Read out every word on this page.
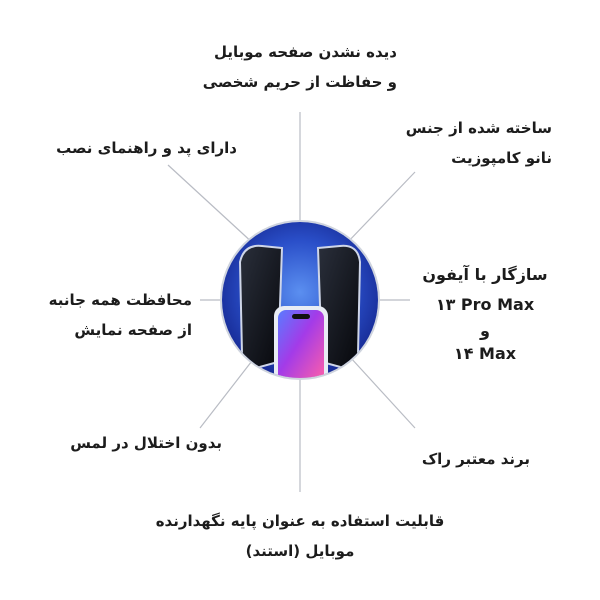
دیده نشدن صفحه موبایل
و حفاظت از حریم شخصی
دارای پد و راهنمای نصب
ساخته شده از جنس
نانو کامپوزیت
محافظت همه جانبه
از صفحه نمایش
سازگار با آیفون
۱۳ Pro Max
و
۱۴ Max
بدون اختلال در لمس
برند معتبر راک
قابلیت استفاده به عنوان پایه نگهدارنده
موبایل (استند)
